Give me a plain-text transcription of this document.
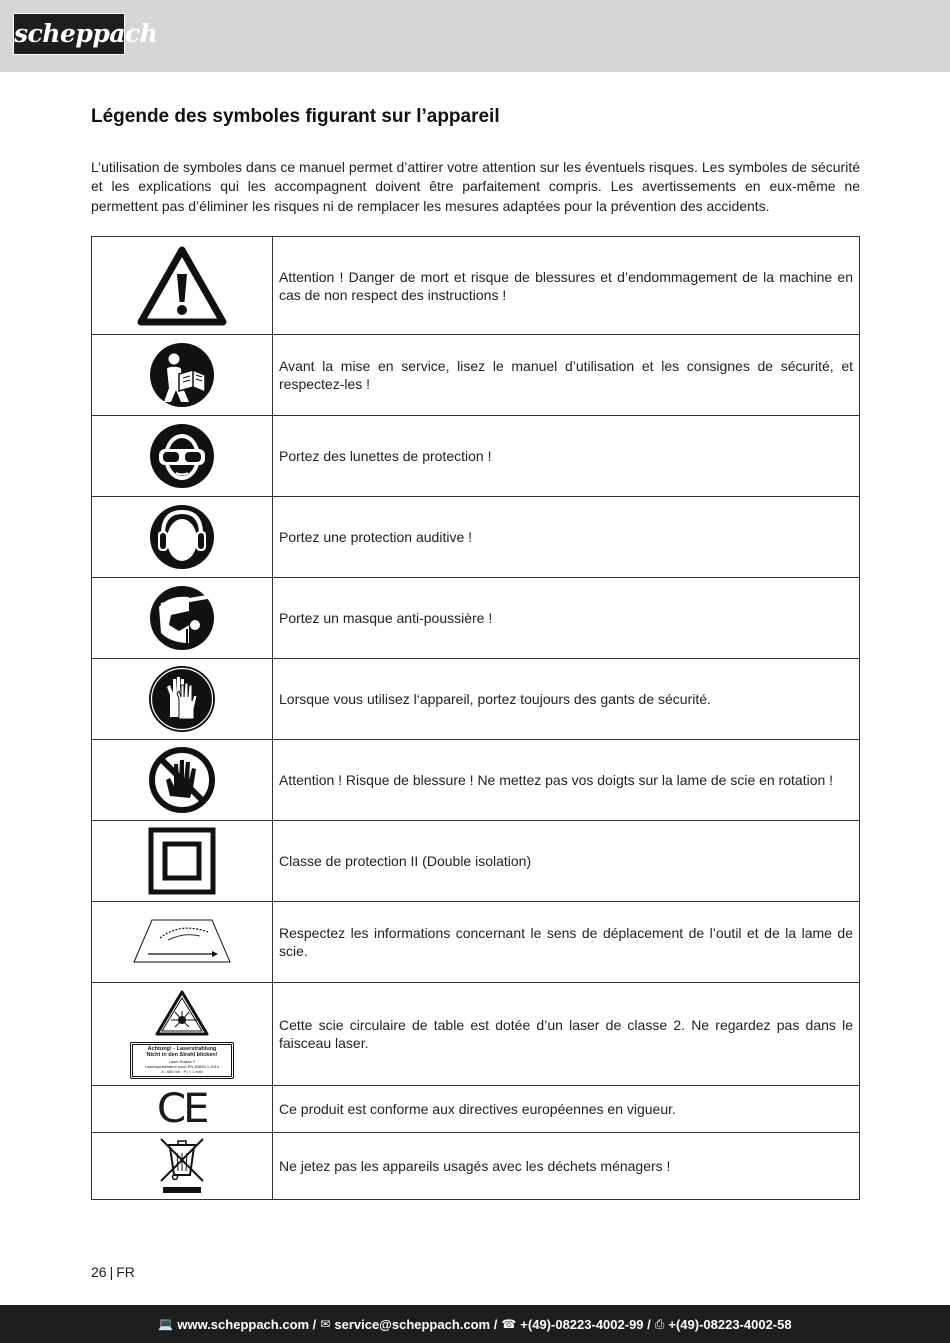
scheppach
Légende des symboles figurant sur l’appareil

L’utilisation de symboles dans ce manuel permet d’attirer votre attention sur les éventuels risques. Les symboles de sécurité et les explications qui les accompagnent doivent être parfaitement compris. Les avertissements en eux-même ne permettent pas d’éliminer les risques ni de remplacer les mesures adaptées pour la prévention des accidents.

Attention ! Danger de mort et risque de blessures et d’endommagement de la machine en cas de non respect des instructions !
Avant la mise en service, lisez le manuel d’utilisation et les consignes de sécurité, et respectez-les !
Portez des lunettes de protection !
Portez une protection auditive !
Portez un masque anti-poussière !
Lorsque vous utilisez l‘appareil, portez toujours des gants de sécurité.
Attention ! Risque de blessure ! Ne mettez pas vos doigts sur la lame de scie en rotation !
Classe de protection II (Double isolation)
Respectez les informations concernant le sens de déplacement de l’outil et de la lame de scie.
Achtung! - Laserstrahlung
Nicht in den Strahl blicken!
Laser Klasse 2
Laserspezifikation nach EN 60825-1:2014
λ= 650 nm Pₒ < 1 mW
Cette scie circulaire de table est dotée d’un laser de classe 2. Ne regardez pas dans le faisceau laser.
CE	Ce produit est conforme aux directives européennes en vigueur.
Ne jetez pas les appareils usagés avec les déchets ménagers !
26 | FR
💻 www.scheppach.com / ✉ service@scheppach.com / ☎ +(49)-08223-4002-99 / ⎙ +(49)-08223-4002-58
